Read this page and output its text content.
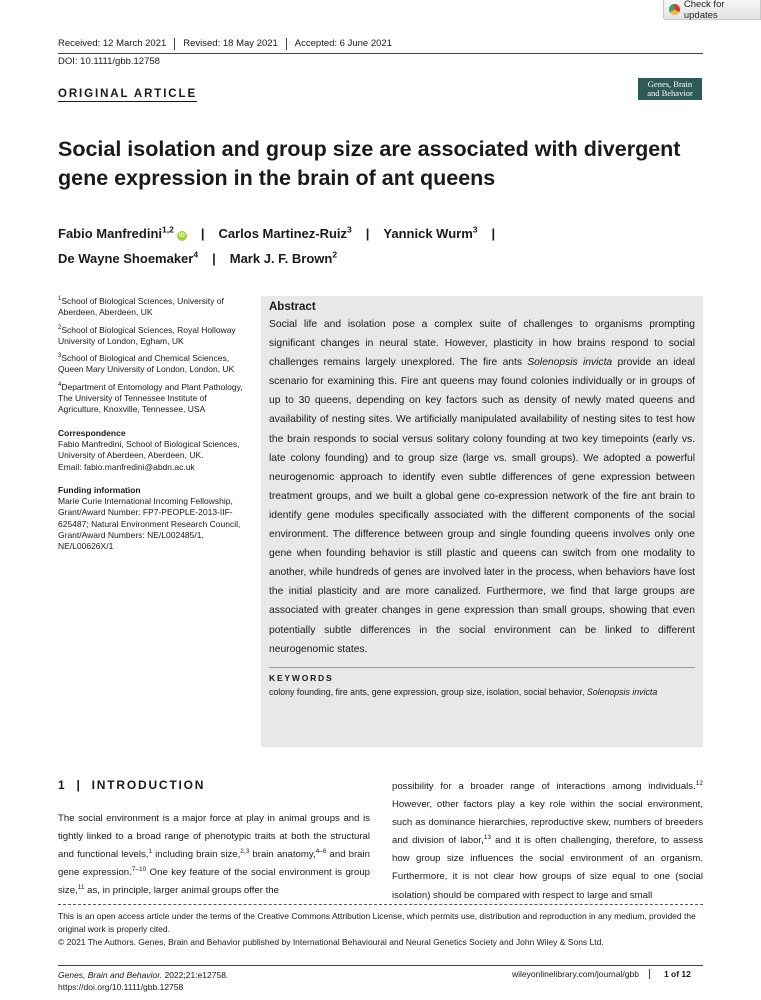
Check for updates
Received: 12 March 2021	Revised: 18 May 2021	Accepted: 6 June 2021
DOI: 10.1111/gbb.12758
ORIGINAL ARTICLE
Genes, Brain
and Behavior
Social isolation and group size are associated with divergent gene expression in the brain of ant queens
Fabio Manfredini$^{1,2}$iD | Carlos Martinez-Ruiz$^3$ | Yannick Wurm$^3$ |
De Wayne Shoemaker$^4$ | Mark J. F. Brown$^2$
$^1$School of Biological Sciences, University of Aberdeen, Aberdeen, UK
$^2$School of Biological Sciences, Royal Holloway University of London, Egham, UK
$^3$School of Biological and Chemical Sciences, Queen Mary University of London, London, UK
$^4$Department of Entomology and Plant Pathology, The University of Tennessee Institute of Agriculture, Knoxville, Tennessee, USA
Correspondence
Fabio Manfredini, School of Biological Sciences, University of Aberdeen, Aberdeen, UK.
Email: fabio.manfredini@abdn.ac.uk
Funding information
Marie Curie International Incoming Fellowship, Grant/Award Number: FP7-PEOPLE-2013-IIF-625487; Natural Environment Research Council, Grant/Award Numbers: NE/L002485/1, NE/L00626X/1
Abstract
Social life and isolation pose a complex suite of challenges to organisms prompting significant changes in neural state. However, plasticity in how brains respond to social challenges remains largely unexplored. The fire ants Solenopsis invicta provide an ideal scenario for examining this. Fire ant queens may found colonies individually or in groups of up to 30 queens, depending on key factors such as density of newly mated queens and availability of nesting sites. We artificially manipulated availability of nesting sites to test how the brain responds to social versus solitary colony founding at two key timepoints (early vs. late colony founding) and to group size (large vs. small groups). We adopted a powerful neurogenomic approach to identify even subtle differences of gene expression between treatment groups, and we built a global gene co-expression network of the fire ant brain to identify gene modules specifically associated with the different components of the social environment. The difference between group and single founding queens involves only one gene when founding behavior is still plastic and queens can switch from one modality to another, while hundreds of genes are involved later in the process, when behaviors have lost the initial plasticity and are more canalized. Furthermore, we find that large groups are associated with greater changes in gene expression than small groups, showing that even potentially subtle differences in the social environment can be linked to different neurogenomic states.
KEYWORDS
colony founding, fire ants, gene expression, group size, isolation, social behavior, Solenopsis invicta
1 | INTRODUCTION

The social environment is a major force at play in animal groups and is tightly linked to a broad range of phenotypic traits at both the structural and functional levels,$^1$ including brain size,$^{2,3}$ brain anatomy,$^{4-6}$ and brain gene expression.$^{7-10}$ One key feature of the social environment is group size,$^{11}$ as, in principle, larger animal groups offer the

possibility for a broader range of interactions among individuals.$^{12}$ However, other factors play a key role within the social environment, such as dominance hierarchies, reproductive skew, numbers of breeders and division of labor,$^{13}$ and it is often challenging, therefore, to assess how group size influences the social environment of an organism. Furthermore, it is not clear how groups of size equal to one (social isolation) should be compared with respect to large and small

This is an open access article under the terms of the Creative Commons Attribution License, which permits use, distribution and reproduction in any medium, provided the original work is properly cited.
© 2021 The Authors. Genes, Brain and Behavior published by International Behavioural and Neural Genetics Society and John Wiley & Sons Ltd.
Genes, Brain and Behavior. 2022;21:e12758.
https://doi.org/10.1111/gbb.12758
wileyonlinelibrary.com/journal/gbb	1 of 12
